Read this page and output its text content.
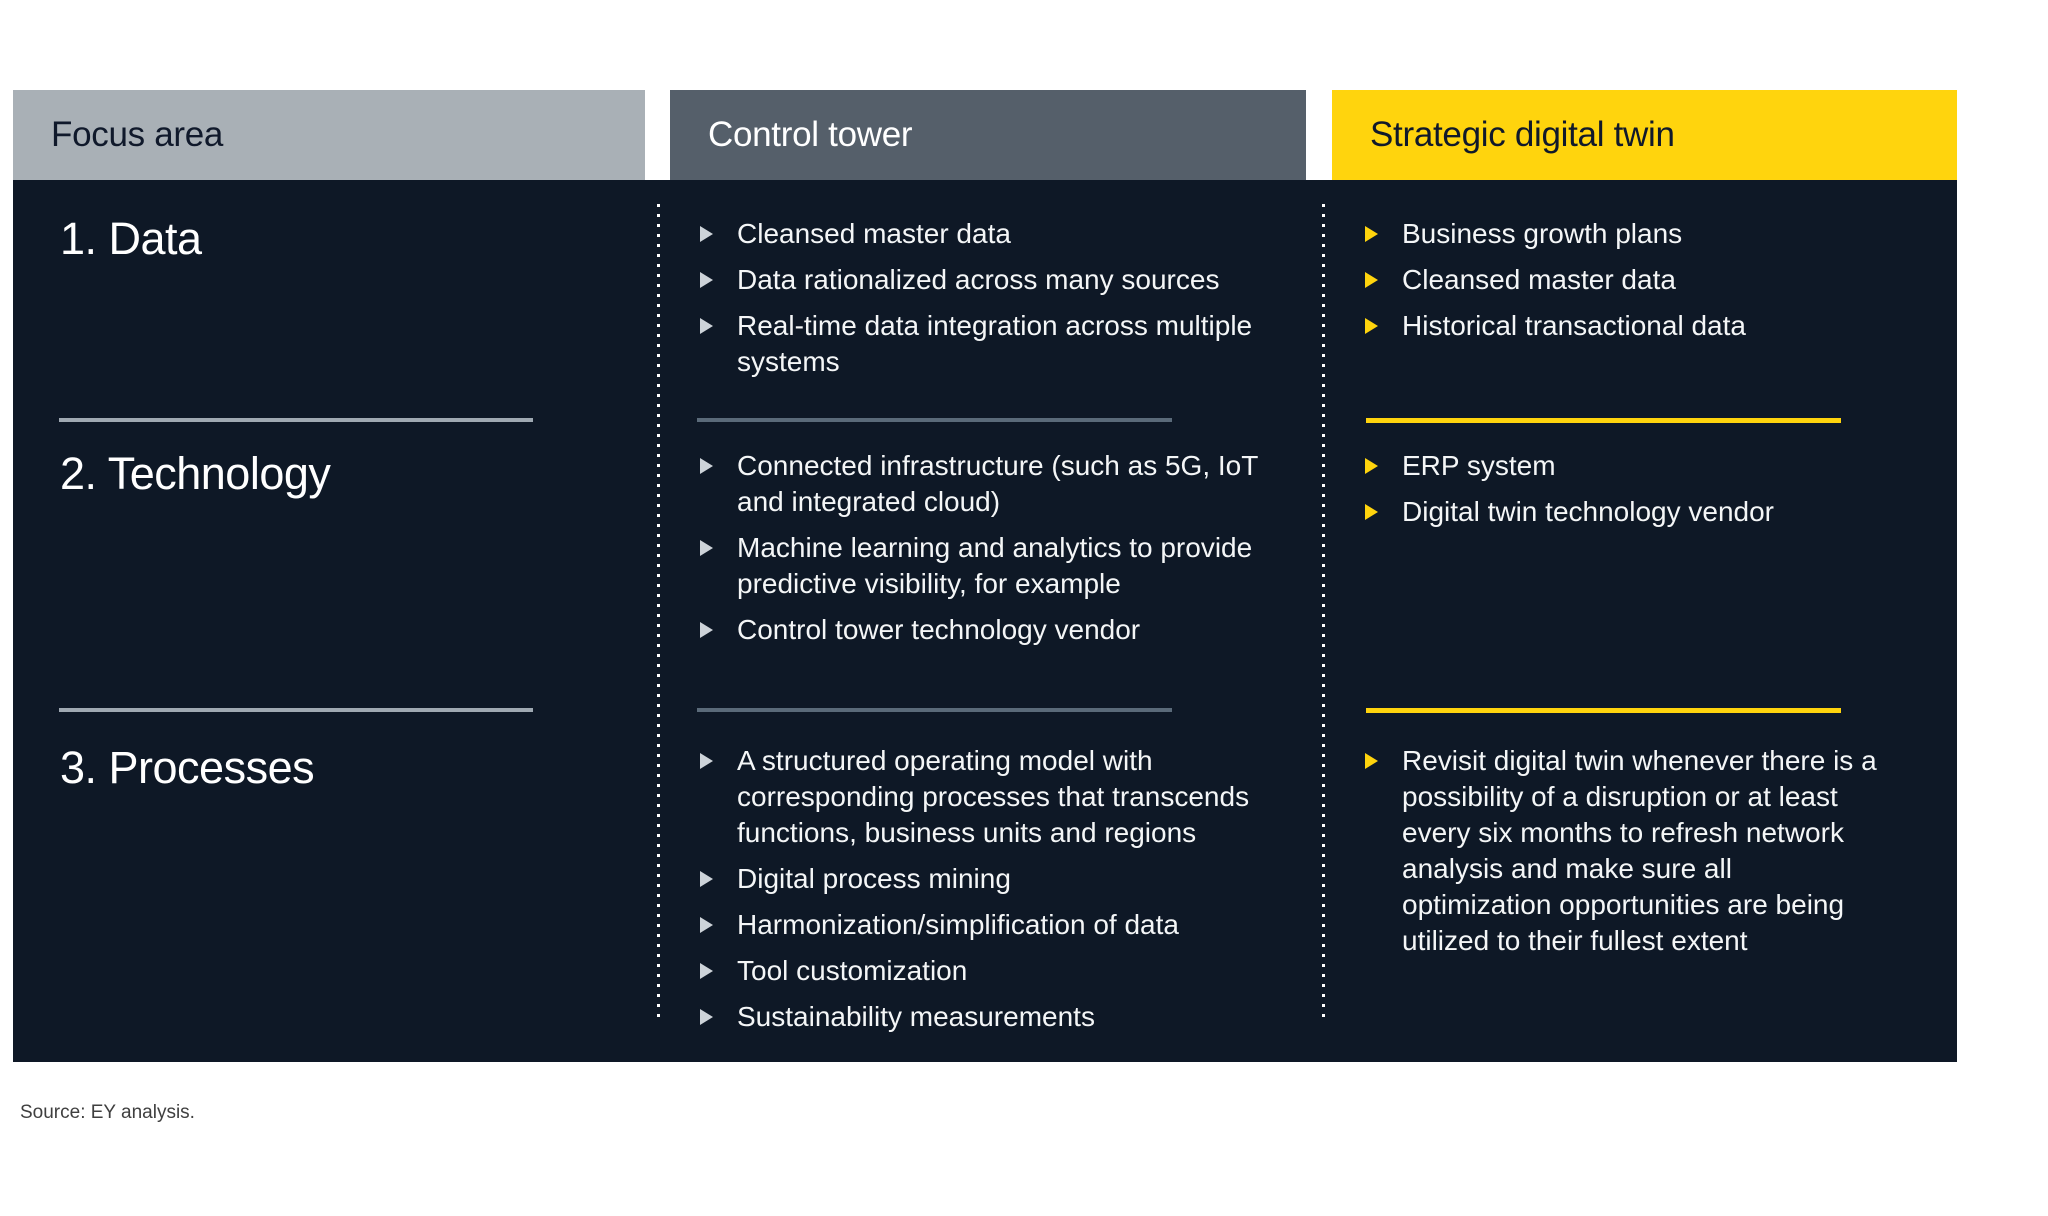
Focus area	Control tower	Strategic digital twin
1. Data
2. Technology
3. Processes
Cleansed master data
Data rationalized across many sources
Real-time data integration across multiple systems
Connected infrastructure (such as 5G, IoT and integrated cloud)
Machine learning and analytics to provide predictive visibility, for example
Control tower technology vendor
A structured operating model with corresponding processes that transcends functions, business units and regions
Digital process mining
Harmonization/simplification of data
Tool customization
Sustainability measurements
Business growth plans
Cleansed master data
Historical transactional data
ERP system
Digital twin technology vendor
Revisit digital twin whenever there is a possibility of a disruption or at least every six months to refresh network analysis and make sure all optimization opportunities are being utilized to their fullest extent
Source: EY analysis.
